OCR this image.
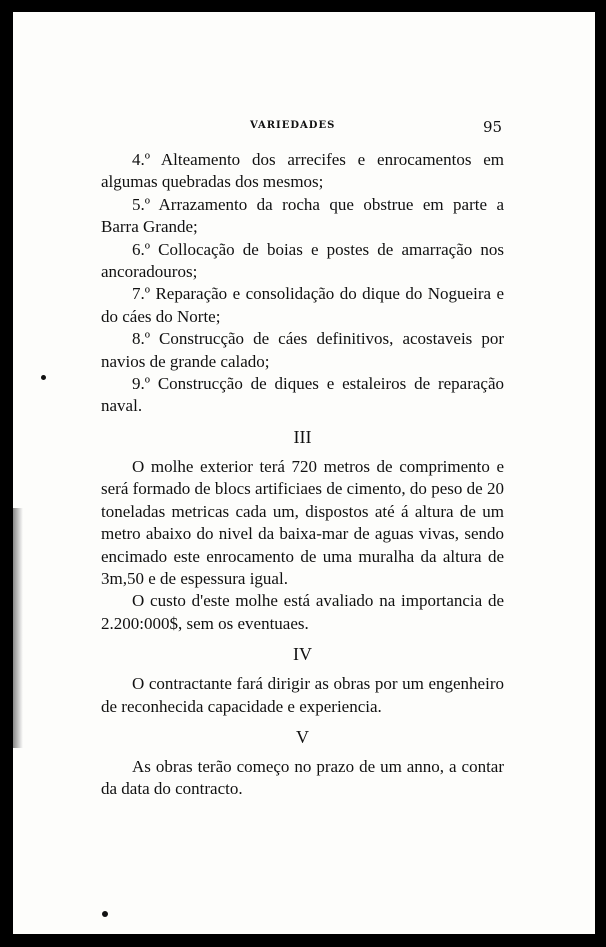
VARIEDADES	95

4.º Alteamento dos arrecifes e enrocamentos em algumas quebradas dos mesmos;

5.º Arrazamento da rocha que obstrue em parte a Barra Grande;

6.º Collocação de boias e postes de amarração nos ancoradouros;

7.º Reparação e consolidação do dique do Nogueira e do cáes do Norte;

8.º Construcção de cáes definitivos, acostaveis por navios de grande calado;

9.º Construcção de diques e estaleiros de reparação naval.

III

O molhe exterior terá 720 metros de comprimento e será formado de blocs artificiaes de cimento, do peso de 20 toneladas metricas cada um, dispostos até á altura de um metro abaixo do nivel da baixa-mar de aguas vivas, sendo encimado este enrocamento de uma muralha da altura de 3m,50 e de espessura igual.

O custo d'este molhe está avaliado na importancia de 2.200:000$, sem os eventuaes.

IV

O contractante fará dirigir as obras por um engenheiro de reconhecida capacidade e experiencia.

V

As obras terão começo no prazo de um anno, a contar da data do contracto.
